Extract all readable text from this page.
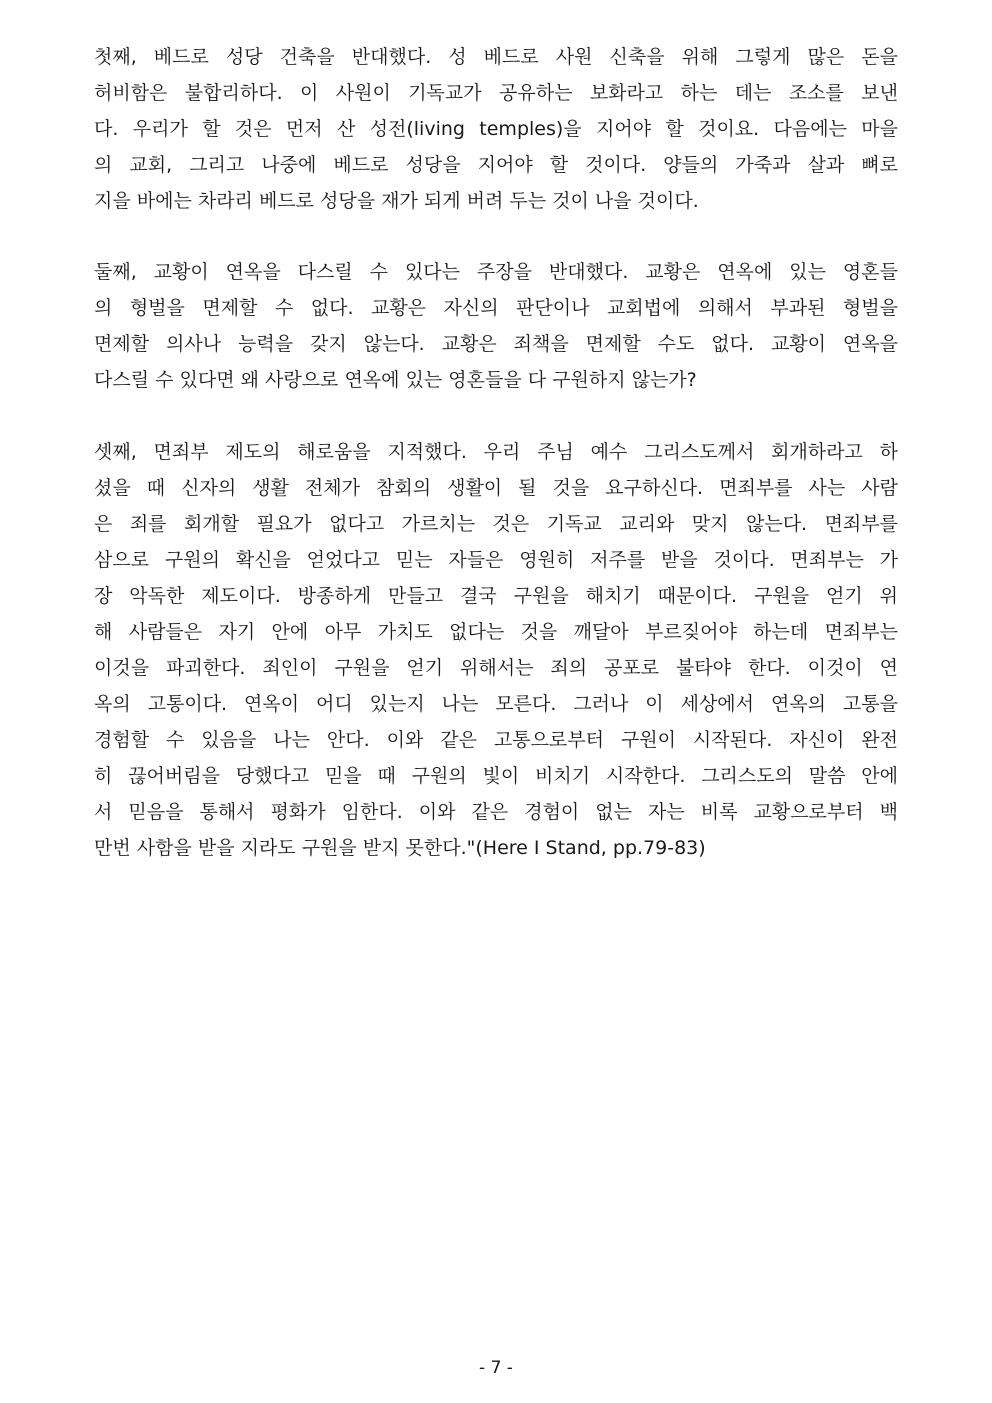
첫째, 베드로 성당 건축을 반대했다. 성 베드로 사원 신축을 위해 그렇게 많은 돈을
허비함은 불합리하다. 이 사원이 기독교가 공유하는 보화라고 하는 데는 조소를 보낸
다. 우리가 할 것은 먼저 산 성전(living temples)을 지어야 할 것이요. 다음에는 마을
의 교회, 그리고 나중에 베드로 성당을 지어야 할 것이다. 양들의 가죽과 살과 뼈로
지을 바에는 차라리 베드로 성당을 재가 되게 버려 두는 것이 나을 것이다.
둘째, 교황이 연옥을 다스릴 수 있다는 주장을 반대했다. 교황은 연옥에 있는 영혼들
의 형벌을 면제할 수 없다. 교황은 자신의 판단이나 교회법에 의해서 부과된 형벌을
면제할 의사나 능력을 갖지 않는다. 교황은 죄책을 면제할 수도 없다. 교황이 연옥을
다스릴 수 있다면 왜 사랑으로 연옥에 있는 영혼들을 다 구원하지 않는가?
셋째, 면죄부 제도의 해로움을 지적했다. 우리 주님 예수 그리스도께서 회개하라고 하
셨을 때 신자의 생활 전체가 참회의 생활이 될 것을 요구하신다. 면죄부를 사는 사람
은 죄를 회개할 필요가 없다고 가르치는 것은 기독교 교리와 맞지 않는다. 면죄부를
삼으로 구원의 확신을 얻었다고 믿는 자들은 영원히 저주를 받을 것이다. 면죄부는 가
장 악독한 제도이다. 방종하게 만들고 결국 구원을 해치기 때문이다. 구원을 얻기 위
해 사람들은 자기 안에 아무 가치도 없다는 것을 깨달아 부르짖어야 하는데 면죄부는
이것을 파괴한다. 죄인이 구원을 얻기 위해서는 죄의 공포로 불타야 한다. 이것이 연
옥의 고통이다. 연옥이 어디 있는지 나는 모른다. 그러나 이 세상에서 연옥의 고통을
경험할 수 있음을 나는 안다. 이와 같은 고통으로부터 구원이 시작된다. 자신이 완전
히 끊어버림을 당했다고 믿을 때 구원의 빛이 비치기 시작한다. 그리스도의 말씀 안에
서 믿음을 통해서 평화가 임한다. 이와 같은 경험이 없는 자는 비록 교황으로부터 백
만번 사함을 받을 지라도 구원을 받지 못한다."(Here I Stand, pp.79-83)
- 7 -
